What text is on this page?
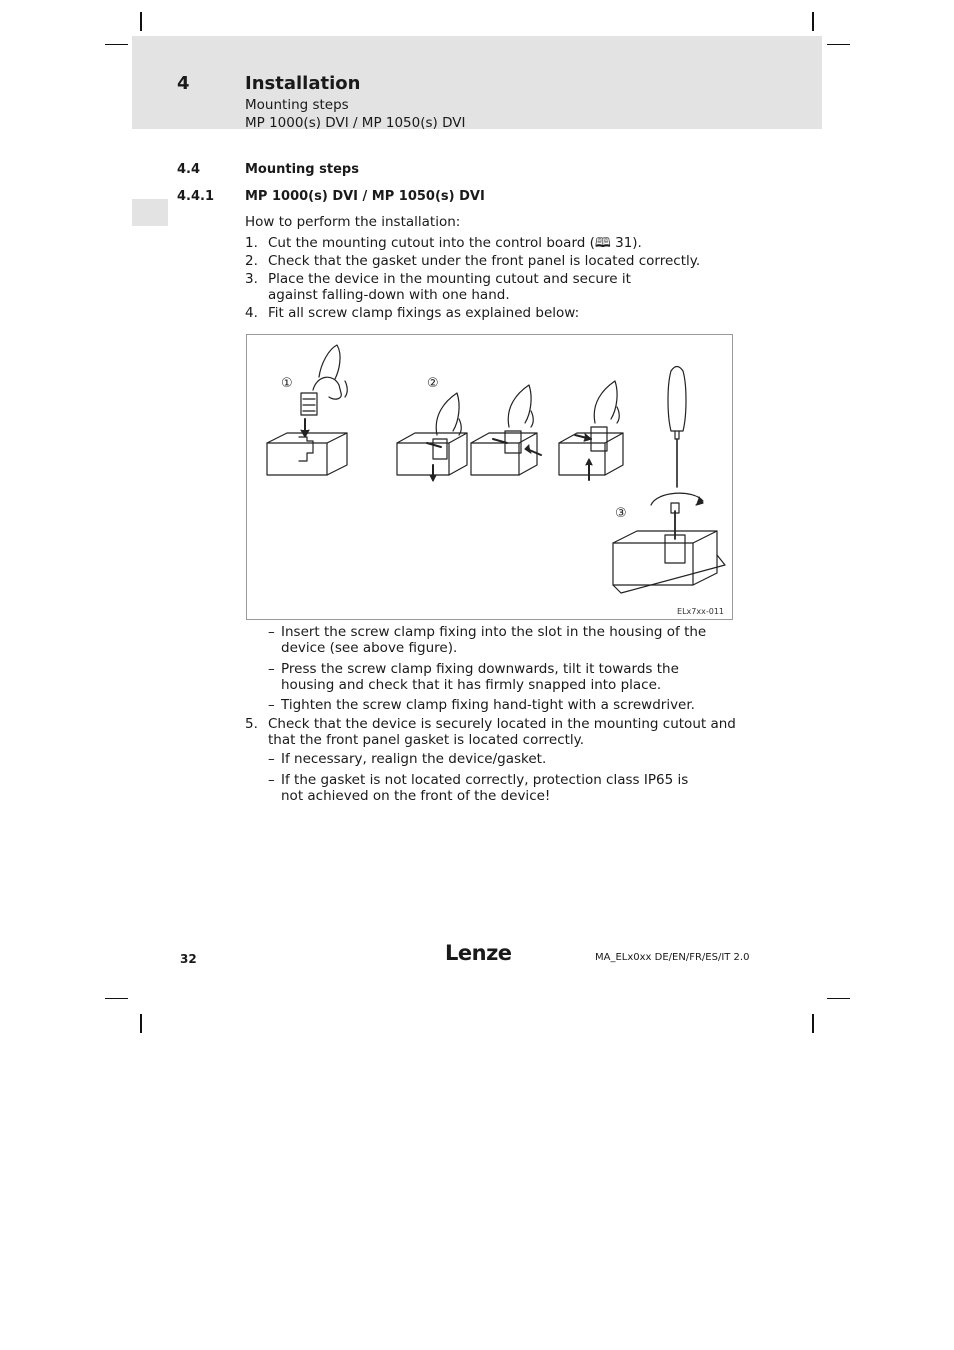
4	Installation
Mounting steps
MP 1000(s) DVI / MP 1050(s) DVI
4.4	Mounting steps
4.4.1 MP 1000(s) DVI / MP 1050(s) DVI
How to perform the installation:
1. Cut the mounting cutout into the control board (🕮 31).
2. Check that the gasket under the front panel is located correctly.
3. Place the device in the mounting cutout and secure it against falling-down with one hand.
4. Fit all screw clamp fixings as explained below:
①	②
③
ELx7xx-011
– Insert the screw clamp fixing into the slot in the housing of the device (see above figure).
– Press the screw clamp fixing downwards, tilt it towards the housing and check that it has firmly snapped into place.
– Tighten the screw clamp fixing hand-tight with a screwdriver.
5. Check that the device is securely located in the mounting cutout and that the front panel gasket is located correctly.
– If necessary, realign the device/gasket.
– If the gasket is not located correctly, protection class IP65 is not achieved on the front of the device!
32	Lenze	MA_ELx0xx DE/EN/FR/ES/IT 2.0
